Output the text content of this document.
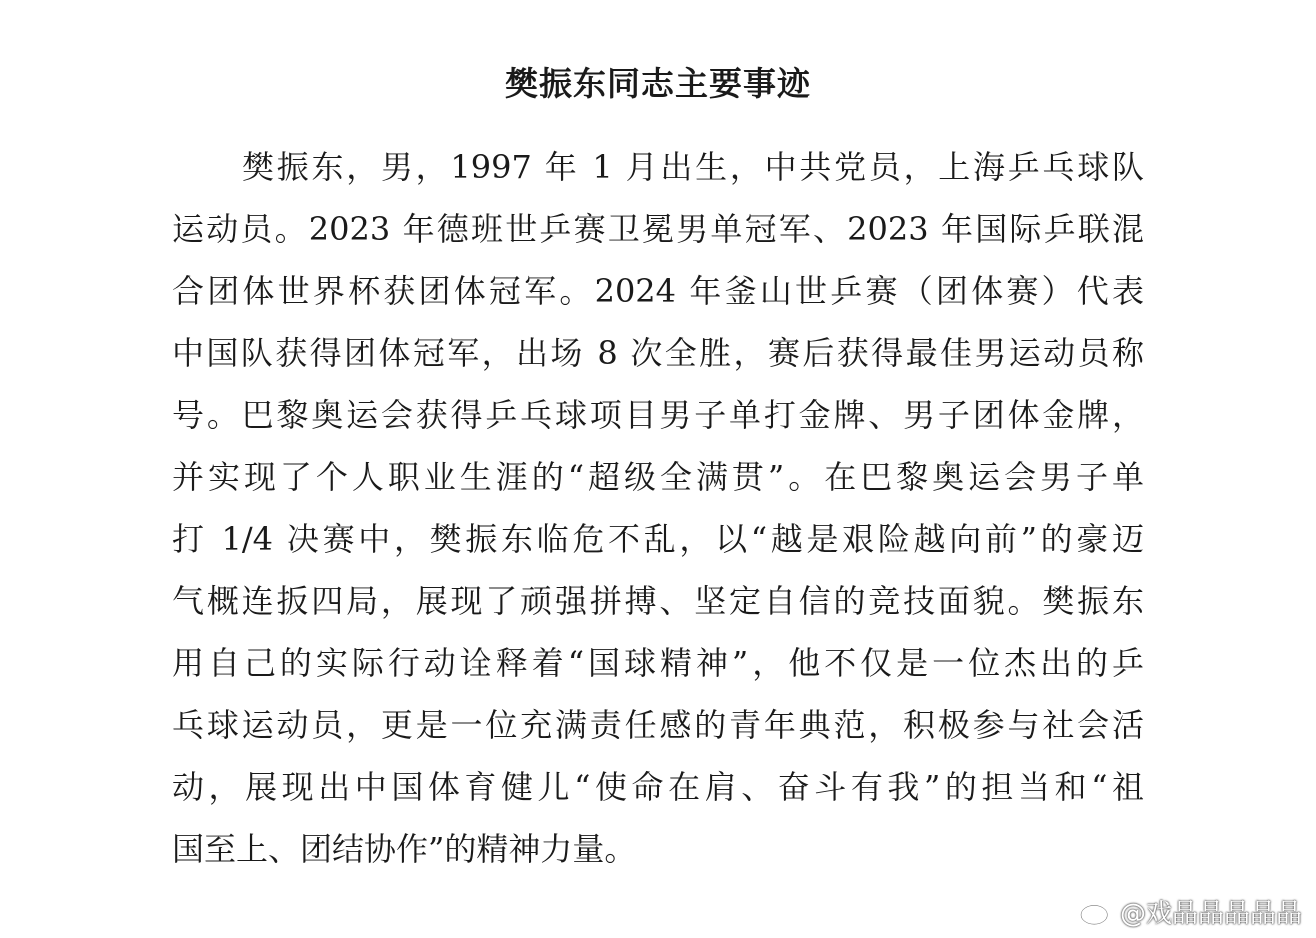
樊振东同志主要事迹
樊振东，男，1997 年 1 月出生，中共党员，上海乒乓球队
运动员。2023 年德班世乒赛卫冕男单冠军、2023 年国际乒联混
合团体世界杯获团体冠军。2024 年釜山世乒赛（团体赛）代表
中国队获得团体冠军，出场 8 次全胜，赛后获得最佳男运动员称
号。巴黎奥运会获得乒乓球项目男子单打金牌、男子团体金牌，
并实现了个人职业生涯的“超级全满贯”。在巴黎奥运会男子单
打 1/4 决赛中，樊振东临危不乱，以“越是艰险越向前”的豪迈
气概连扳四局，展现了顽强拼搏、坚定自信的竞技面貌。樊振东
用自己的实际行动诠释着“国球精神”，他不仅是一位杰出的乒
乓球运动员，更是一位充满责任感的青年典范，积极参与社会活
动，展现出中国体育健儿“使命在肩、奋斗有我”的担当和“祖
国至上、团结协作”的精神力量。
@戏晶晶晶晶晶
